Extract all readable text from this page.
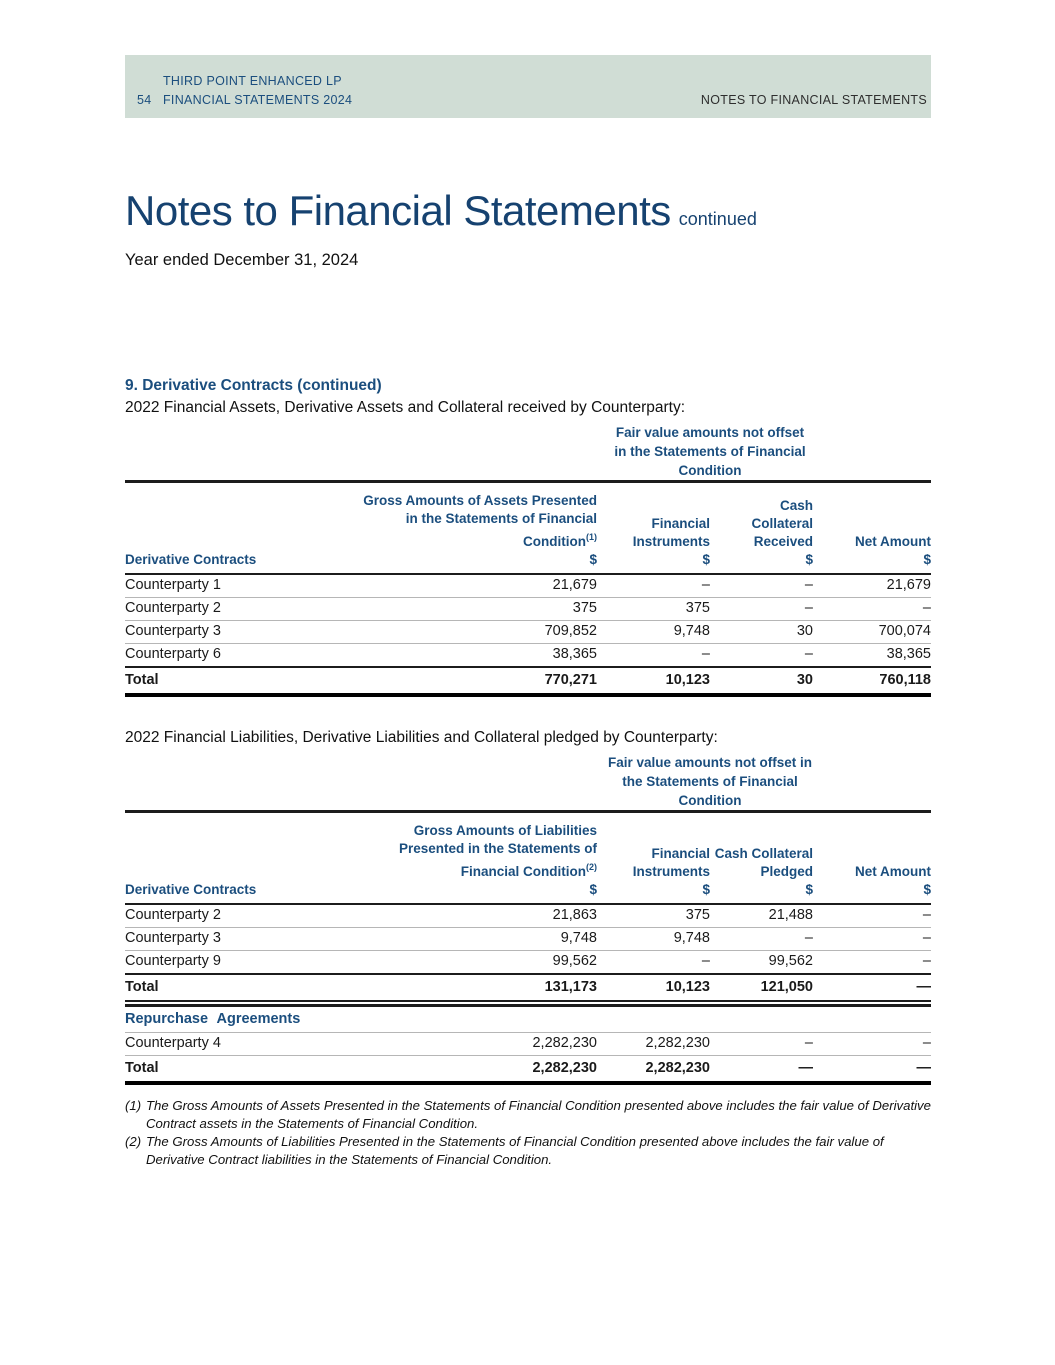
THIRD POINT ENHANCED LP
54 FINANCIAL STATEMENTS 2024	NOTES TO FINANCIAL STATEMENTS
Notes to Financial Statements continued
Year ended December 31, 2024
9. Derivative Contracts (continued)
2022 Financial Assets, Derivative Assets and Collateral received by Counterparty:
Fair value amounts not offset
in the Statements of Financial
Condition
Derivative Contracts	
Gross Amounts of Assets Presented
in the Statements of Financial
Condition$^{(1)}$
$

Financial
Instruments
$

Cash
Collateral
Received
$

Net Amount
$

Counterparty 1	21,679	–	–	21,679
Counterparty 2	375	375	–	–
Counterparty 3	709,852	9,748	30	700,074
Counterparty 6	38,365	–	–	38,365
Total	770,271	10,123	30	760,118
2022 Financial Liabilities, Derivative Liabilities and Collateral pledged by Counterparty:
Fair value amounts not offset in
the Statements of Financial
Condition
Derivative Contracts	
Gross Amounts of Liabilities
Presented in the Statements of
Financial Condition$^{(2)}$
$

Financial
Instruments
$

Cash Collateral
Pledged
$

Net Amount
$

Counterparty 2	21,863	375	21,488	–
Counterparty 3	9,748	9,748	–	–
Counterparty 9	99,562	–	99,562	–
Total	131,173	10,123	121,050	—

Repurchase Agreements				
Counterparty 4	2,282,230	2,282,230	–	–
Total	2,282,230	2,282,230	—	—
(1) The Gross Amounts of Assets Presented in the Statements of Financial Condition presented above includes the fair value of Derivative Contract assets in the Statements of Financial Condition.
(2) The Gross Amounts of Liabilities Presented in the Statements of Financial Condition presented above includes the fair value of Derivative Contract liabilities in the Statements of Financial Condition.
